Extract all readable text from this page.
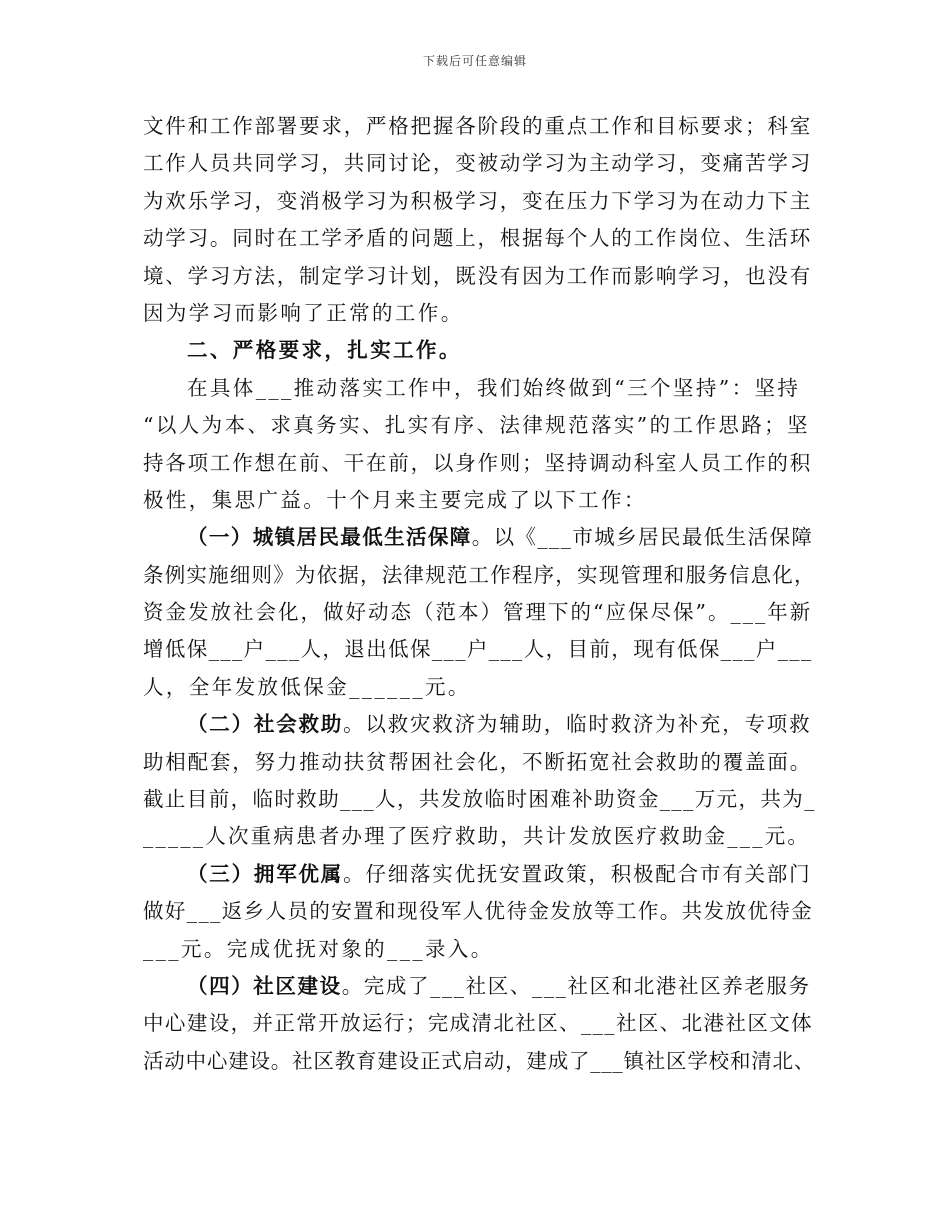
下载后可任意编辑
文件和工作部署要求，严格把握各阶段的重点工作和目标要求；科室
工作人员共同学习，共同讨论，变被动学习为主动学习，变痛苦学习
为欢乐学习，变消极学习为积极学习，变在压力下学习为在动力下主
动学习。同时在工学矛盾的问题上，根据每个人的工作岗位、生活环
境、学习方法，制定学习计划，既没有因为工作而影响学习，也没有
因为学习而影响了正常的工作。
二、严格要求，扎实工作。
在具体___推动落实工作中，我们始终做到“三个坚持”：坚持
“以人为本、求真务实、扎实有序、法律规范落实”的工作思路；坚
持各项工作想在前、干在前，以身作则；坚持调动科室人员工作的积
极性，集思广益。十个月来主要完成了以下工作：
（一）城镇居民最低生活保障。以《___市城乡居民最低生活保障
条例实施细则》为依据，法律规范工作程序，实现管理和服务信息化，
资金发放社会化，做好动态（范本）管理下的“应保尽保”。___年新
增低保___户___人，退出低保___户___人，目前，现有低保___户___
人，全年发放低保金______元。
（二）社会救助。以救灾救济为辅助，临时救济为补充，专项救
助相配套，努力推动扶贫帮困社会化，不断拓宽社会救助的覆盖面。
截止目前，临时救助___人，共发放临时困难补助资金___万元，共为_
_____人次重病患者办理了医疗救助，共计发放医疗救助金___元。
（三）拥军优属。仔细落实优抚安置政策，积极配合市有关部门
做好___返乡人员的安置和现役军人优待金发放等工作。共发放优待金
___元。完成优抚对象的___录入。
（四）社区建设。完成了___社区、___社区和北港社区养老服务
中心建设，并正常开放运行；完成清北社区、___社区、北港社区文体
活动中心建设。社区教育建设正式启动，建成了___镇社区学校和清北、
